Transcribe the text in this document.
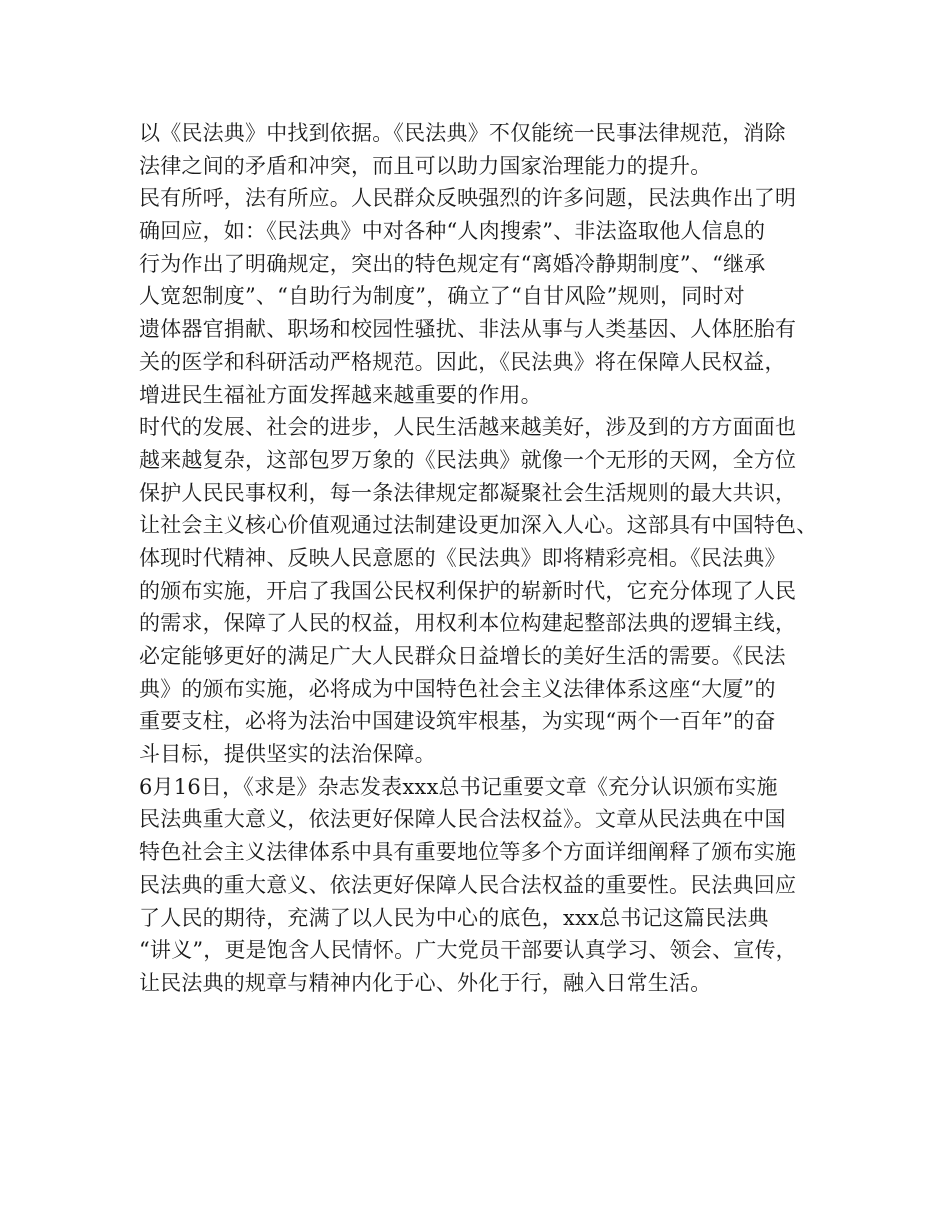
以《民法典》中找到依据。《民法典》不仅能统一民事法律规范，消除
法律之间的矛盾和冲突，而且可以助力国家治理能力的提升。
民有所呼，法有所应。人民群众反映强烈的许多问题，民法典作出了明
确回应，如：《民法典》中对各种“人肉搜索”、非法盗取他人信息的
行为作出了明确规定，突出的特色规定有“离婚冷静期制度”、“继承
人宽恕制度”、“自助行为制度”，确立了“自甘风险”规则，同时对
遗体器官捐献、职场和校园性骚扰、非法从事与人类基因、人体胚胎有
关的医学和科研活动严格规范。因此，《民法典》将在保障人民权益，
增进民生福祉方面发挥越来越重要的作用。
时代的发展、社会的进步，人民生活越来越美好，涉及到的方方面面也
越来越复杂，这部包罗万象的《民法典》就像一个无形的天网，全方位
保护人民民事权利，每一条法律规定都凝聚社会生活规则的最大共识，
让社会主义核心价值观通过法制建设更加深入人心。这部具有中国特色、
体现时代精神、反映人民意愿的《民法典》即将精彩亮相。《民法典》
的颁布实施，开启了我国公民权利保护的崭新时代，它充分体现了人民
的需求，保障了人民的权益，用权利本位构建起整部法典的逻辑主线，
必定能够更好的满足广大人民群众日益增长的美好生活的需要。《民法
典》的颁布实施，必将成为中国特色社会主义法律体系这座“大厦”的
重要支柱，必将为法治中国建设筑牢根基，为实现“两个一百年”的奋
斗目标，提供坚实的法治保障。
6月16日，《求是》杂志发表xxx总书记重要文章《充分认识颁布实施
民法典重大意义，依法更好保障人民合法权益》。文章从民法典在中国
特色社会主义法律体系中具有重要地位等多个方面详细阐释了颁布实施
民法典的重大意义、依法更好保障人民合法权益的重要性。民法典回应
了人民的期待，充满了以人民为中心的底色，xxx总书记这篇民法典
“讲义”，更是饱含人民情怀。广大党员干部要认真学习、领会、宣传，
让民法典的规章与精神内化于心、外化于行，融入日常生活。
